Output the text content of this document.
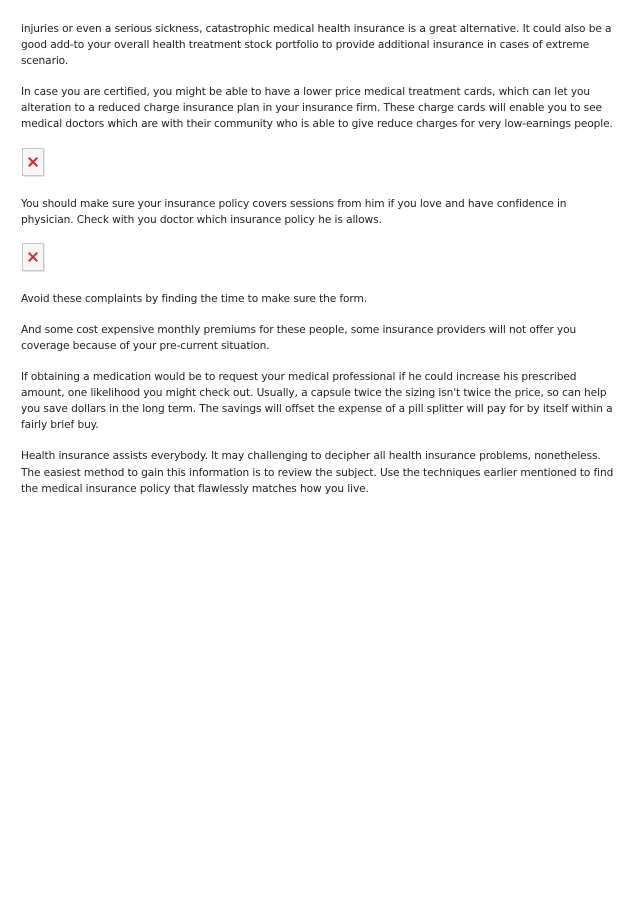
injuries or even a serious sickness, catastrophic medical health insurance is a great alternative. It could also be a good add-to your overall health treatment stock portfolio to provide additional insurance in cases of extreme scenario.

In case you are certified, you might be able to have a lower price medical treatment cards, which can let you alteration to a reduced charge insurance plan in your insurance firm. These charge cards will enable you to see medical doctors which are with their community who is able to give reduce charges for very low-earnings people.

You should make sure your insurance policy covers sessions from him if you love and have confidence in physician. Check with you doctor which insurance policy he is allows.

Avoid these complaints by finding the time to make sure the form.

And some cost expensive monthly premiums for these people, some insurance providers will not offer you coverage because of your pre-current situation.

If obtaining a medication would be to request your medical professional if he could increase his prescribed amount, one likelihood you might check out. Usually, a capsule twice the sizing isn't twice the price, so can help you save dollars in the long term. The savings will offset the expense of a pill splitter will pay for by itself within a fairly brief buy.

Health insurance assists everybody. It may challenging to decipher all health insurance problems, nonetheless. The easiest method to gain this information is to review the subject. Use the techniques earlier mentioned to find the medical insurance policy that flawlessly matches how you live.
